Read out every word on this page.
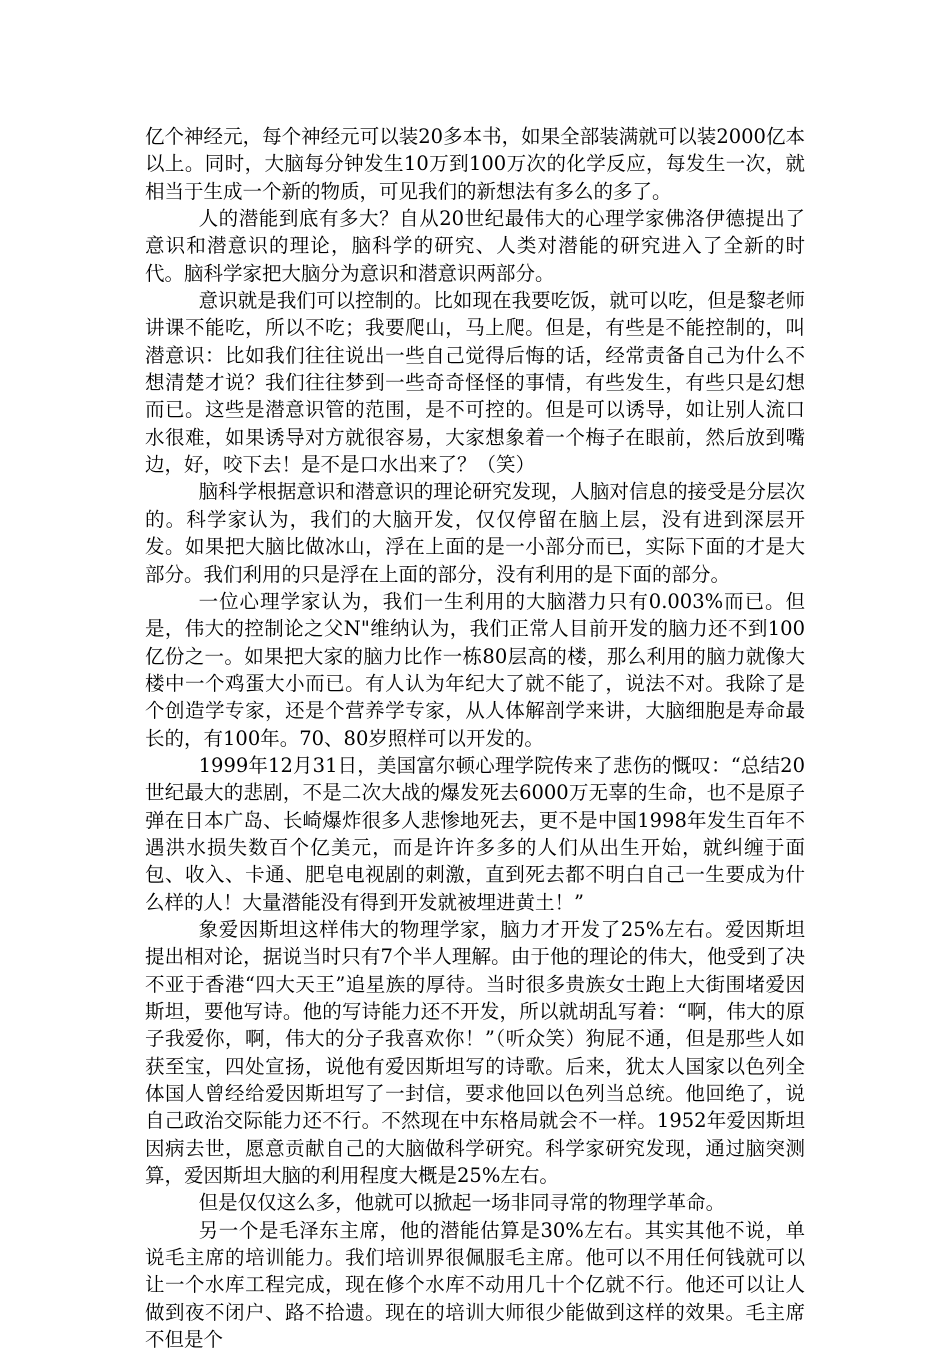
亿个神经元，每个神经元可以装20多本书，如果全部装满就可以装2000亿本以上。同时，大脑每分钟发生10万到100万次的化学反应，每发生一次，就相当于生成一个新的物质，可见我们的新想法有多么的多了。

人的潜能到底有多大？自从20世纪最伟大的心理学家佛洛伊德提出了意识和潜意识的理论，脑科学的研究、人类对潜能的研究进入了全新的时代。脑科学家把大脑分为意识和潜意识两部分。

意识就是我们可以控制的。比如现在我要吃饭，就可以吃，但是黎老师讲课不能吃，所以不吃；我要爬山，马上爬。但是，有些是不能控制的，叫潜意识：比如我们往往说出一些自己觉得后悔的话，经常责备自己为什么不想清楚才说？我们往往梦到一些奇奇怪怪的事情，有些发生，有些只是幻想而已。这些是潜意识管的范围，是不可控的。但是可以诱导，如让别人流口水很难，如果诱导对方就很容易，大家想象着一个梅子在眼前，然后放到嘴边，好，咬下去！是不是口水出来了？（笑）

脑科学根据意识和潜意识的理论研究发现，人脑对信息的接受是分层次的。科学家认为，我们的大脑开发，仅仅停留在脑上层，没有进到深层开发。如果把大脑比做冰山，浮在上面的是一小部分而已，实际下面的才是大部分。我们利用的只是浮在上面的部分，没有利用的是下面的部分。

一位心理学家认为，我们一生利用的大脑潜力只有0.003%而已。但是，伟大的控制论之父N"维纳认为，我们正常人目前开发的脑力还不到100亿份之一。如果把大家的脑力比作一栋80层高的楼，那么利用的脑力就像大楼中一个鸡蛋大小而已。有人认为年纪大了就不能了，说法不对。我除了是个创造学专家，还是个营养学专家，从人体解剖学来讲，大脑细胞是寿命最长的，有100年。70、80岁照样可以开发的。

1999年12月31日，美国富尔顿心理学院传来了悲伤的慨叹：“总结20世纪最大的悲剧，不是二次大战的爆发死去6000万无辜的生命，也不是原子弹在日本广岛、长崎爆炸很多人悲惨地死去，更不是中国1998年发生百年不遇洪水损失数百个亿美元，而是许许多多的人们从出生开始，就纠缠于面包、收入、卡通、肥皂电视剧的刺激，直到死去都不明白自己一生要成为什么样的人！大量潜能没有得到开发就被埋进黄土！”

象爱因斯坦这样伟大的物理学家，脑力才开发了25%左右。爱因斯坦提出相对论，据说当时只有7个半人理解。由于他的理论的伟大，他受到了决不亚于香港“四大天王”追星族的厚待。当时很多贵族女士跑上大街围堵爱因斯坦，要他写诗。他的写诗能力还不开发，所以就胡乱写着：“啊，伟大的原子我爱你，啊，伟大的分子我喜欢你！”（听众笑）狗屁不通，但是那些人如获至宝，四处宣扬，说他有爱因斯坦写的诗歌。后来，犹太人国家以色列全体国人曾经给爱因斯坦写了一封信，要求他回以色列当总统。他回绝了，说自己政治交际能力还不行。不然现在中东格局就会不一样。1952年爱因斯坦因病去世，愿意贡献自己的大脑做科学研究。科学家研究发现，通过脑突测算，爱因斯坦大脑的利用程度大概是25%左右。

但是仅仅这么多，他就可以掀起一场非同寻常的物理学革命。

另一个是毛泽东主席，他的潜能估算是30%左右。其实其他不说，单说毛主席的培训能力。我们培训界很佩服毛主席。他可以不用任何钱就可以让一个水库工程完成，现在修个水库不动用几十个亿就不行。他还可以让人做到夜不闭户、路不拾遗。现在的培训大师很少能做到这样的效果。毛主席不但是个
